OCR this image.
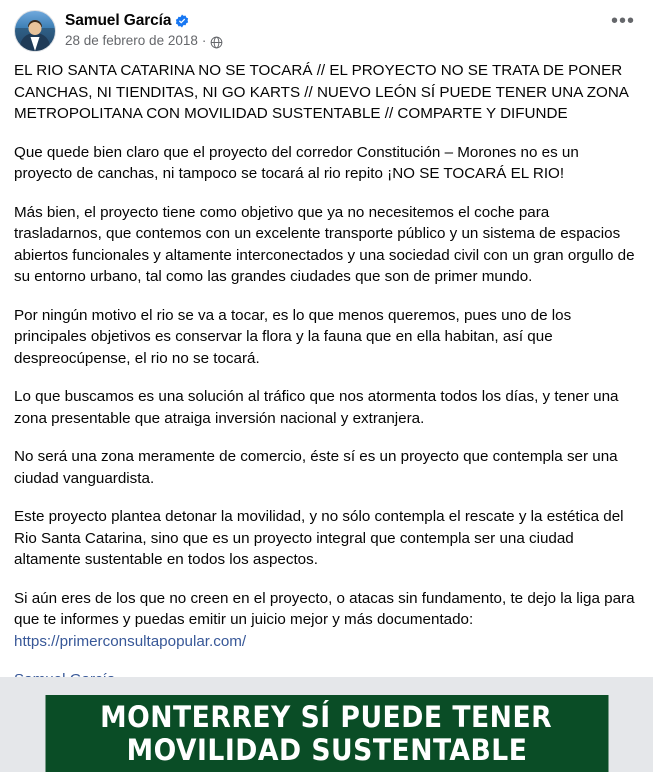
Samuel García
28 de febrero de 2018 ·
•••

EL RIO SANTA CATARINA NO SE TOCARÁ // EL PROYECTO NO SE TRATA DE PONER CANCHAS, NI TIENDITAS, NI GO KARTS // NUEVO LEÓN SÍ PUEDE TENER UNA ZONA METROPOLITANA CON MOVILIDAD SUSTENTABLE // COMPARTE Y DIFUNDE

Que quede bien claro que el proyecto del corredor Constitución – Morones no es un proyecto de canchas, ni tampoco se tocará al rio repito ¡NO SE TOCARÁ EL RIO!

Más bien, el proyecto tiene como objetivo que ya no necesitemos el coche para trasladarnos, que contemos con un excelente transporte público y un sistema de espacios abiertos funcionales y altamente interconectados y una sociedad civil con un gran orgullo de su entorno urbano, tal como las grandes ciudades que son de primer mundo.

Por ningún motivo el rio se va a tocar, es lo que menos queremos, pues uno de los principales objetivos es conservar la flora y la fauna que en ella habitan, así que despreocúpense, el rio no se tocará.

Lo que buscamos es una solución al tráfico que nos atormenta todos los días, y tener una zona presentable que atraiga inversión nacional y extranjera.

No será una zona meramente de comercio, éste sí es un proyecto que contempla ser una ciudad vanguardista.

Este proyecto plantea detonar la movilidad, y no sólo contempla el rescate y la estética del Rio Santa Catarina, sino que es un proyecto integral que contempla ser una ciudad altamente sustentable en todos los aspectos.

Si aún eres de los que no creen en el proyecto, o atacas sin fundamento, te dejo la liga para que te informes y puedas emitir un juicio mejor y más documentado:
https://primerconsultapopular.com/

MONTERREY SÍ PUEDE TENER
MOVILIDAD SUSTENTABLE
